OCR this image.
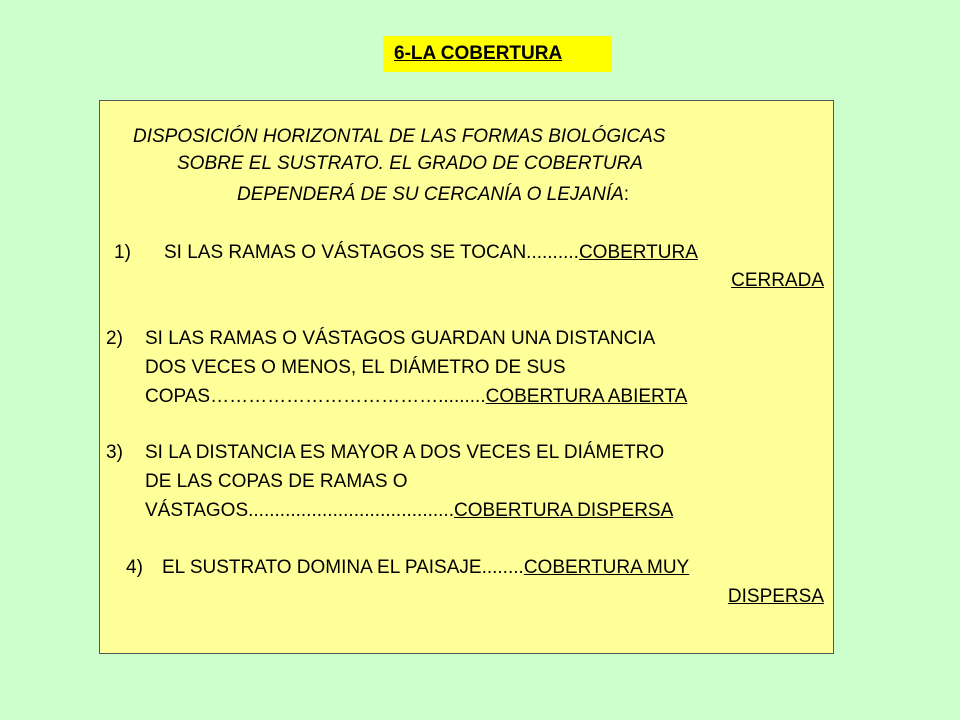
6-LA COBERTURA
DISPOSICIÓN HORIZONTAL DE LAS FORMAS BIOLÓGICAS
SOBRE EL SUSTRATO. EL GRADO DE COBERTURA
DEPENDERÁ DE SU CERCANÍA O LEJANÍA:
1) SI LAS RAMAS O VÁSTAGOS SE TOCAN..........COBERTURA
CERRADA
2) SI LAS RAMAS O VÁSTAGOS GUARDAN UNA DISTANCIA
DOS VECES O MENOS, EL DIÁMETRO DE SUS
COPAS……………………………….........COBERTURA ABIERTA
3) SI LA DISTANCIA ES MAYOR A DOS VECES EL DIÁMETRO
DE LAS COPAS DE RAMAS O
VÁSTAGOS.......................................COBERTURA DISPERSA
4) EL SUSTRATO DOMINA EL PAISAJE........COBERTURA MUY
DISPERSA
